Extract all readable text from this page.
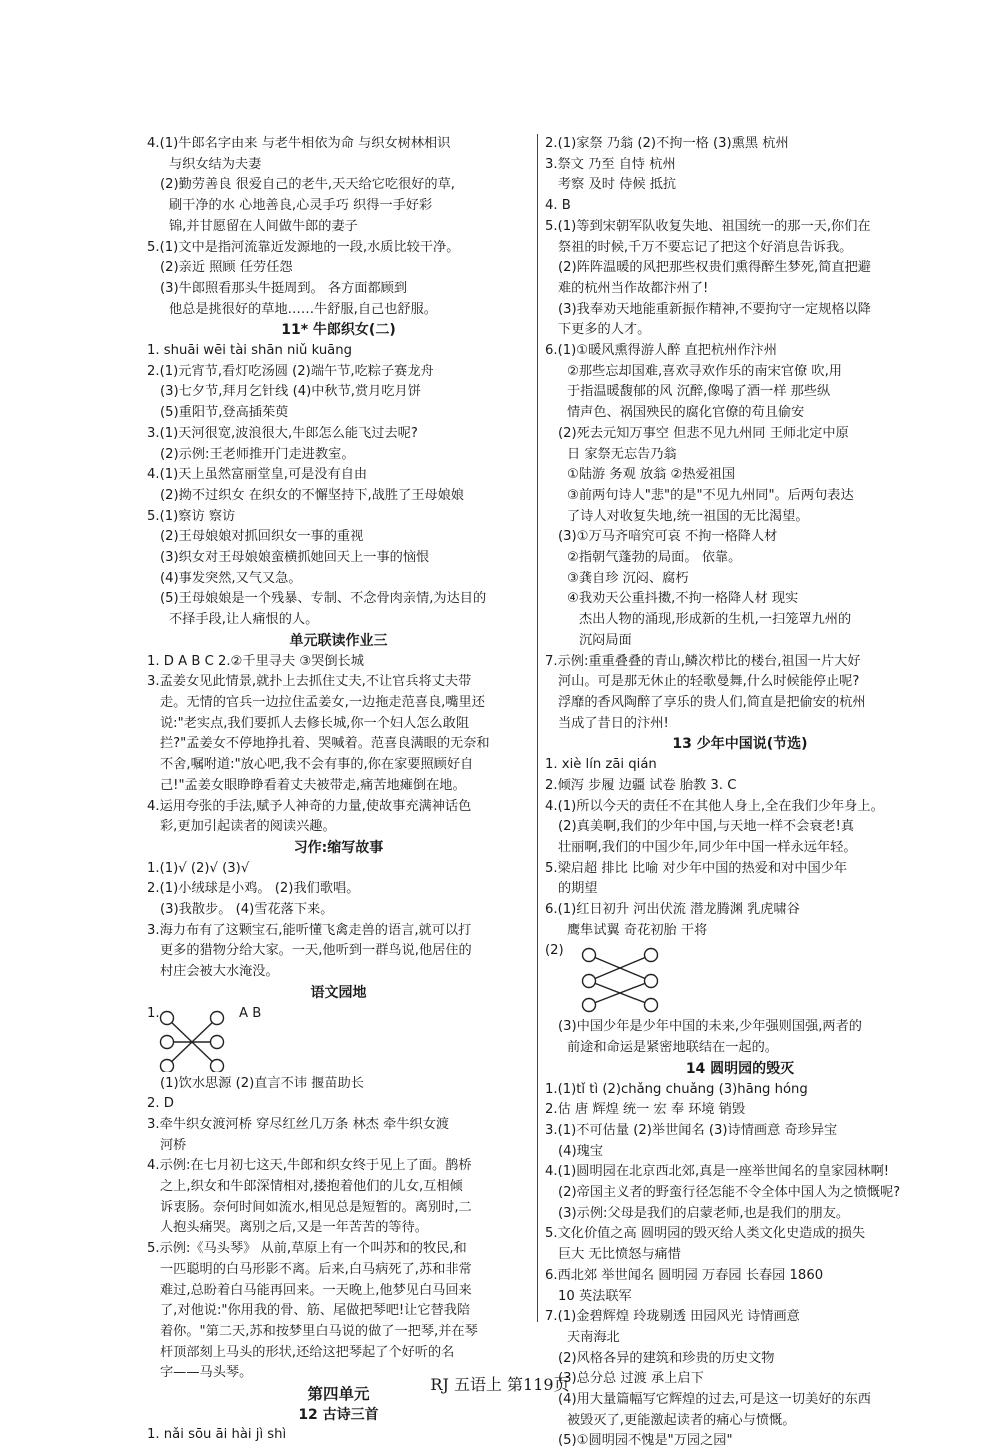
4.(1)牛郎名字由来 与老牛相依为命 与织女树林相识
与织女结为夫妻
(2)勤劳善良 很爱自己的老牛,天天给它吃很好的草,
刷干净的水 心地善良,心灵手巧 织得一手好彩
锦,并甘愿留在人间做牛郎的妻子
5.(1)文中是指河流靠近发源地的一段,水质比较干净。
(2)亲近 照顾 任劳任怨
(3)牛郎照看那头牛挺周到。 各方面都顾到
他总是挑很好的草地……牛舒服,自己也舒服。
11* 牛郎织女(二)
1. shuāi wēi tài shān niǔ kuāng
2.(1)元宵节,看灯吃汤圆 (2)端午节,吃粽子赛龙舟
(3)七夕节,拜月乞针线 (4)中秋节,赏月吃月饼
(5)重阳节,登高插茱萸
3.(1)天河很宽,波浪很大,牛郎怎么能飞过去呢?
(2)示例:王老师推开门走进教室。
4.(1)天上虽然富丽堂皇,可是没有自由
(2)拗不过织女 在织女的不懈坚持下,战胜了王母娘娘
5.(1)察访 察访
(2)王母娘娘对抓回织女一事的重视
(3)织女对王母娘娘蛮横抓她回天上一事的恼恨
(4)事发突然,又气又急。
(5)王母娘娘是一个残暴、专制、不念骨肉亲情,为达目的
不择手段,让人痛恨的人。
单元联读作业三
1. D A B C 2.②千里寻夫 ③哭倒长城
3.孟姜女见此情景,就扑上去抓住丈夫,不让官兵将丈夫带
走。无情的官兵一边拉住孟姜女,一边拖走范喜良,嘴里还
说:"老实点,我们要抓人去修长城,你一个妇人怎么敢阻
拦?"孟姜女不停地挣扎着、哭喊着。范喜良满眼的无奈和
不舍,嘱咐道:"放心吧,我不会有事的,你在家要照顾好自
己!"孟姜女眼睁睁看着丈夫被带走,痛苦地瘫倒在地。
4.运用夸张的手法,赋予人神奇的力量,使故事充满神话色
彩,更加引起读者的阅读兴趣。
习作:缩写故事
1.(1)√ (2)√ (3)√
2.(1)小绒球是小鸡。 (2)我们歌唱。
(3)我散步。 (4)雪花落下来。
3.海力布有了这颗宝石,能听懂飞禽走兽的语言,就可以打
更多的猎物分给大家。一天,他听到一群鸟说,他居住的
村庄会被大水淹没。
语文园地
1.	A B
(1)饮水思源 (2)直言不讳 揠苗助长
2. D
3.牵牛织女渡河桥 穿尽红丝几万条 林杰 牵牛织女渡
河桥
4.示例:在七月初七这天,牛郎和织女终于见上了面。鹊桥
之上,织女和牛郎深情相对,搂抱着他们的儿女,互相倾
诉衷肠。奈何时间如流水,相见总是短暂的。离别时,二
人抱头痛哭。离别之后,又是一年苦苦的等待。
5.示例:《马头琴》 从前,草原上有一个叫苏和的牧民,和
一匹聪明的白马形影不离。后来,白马病死了,苏和非常
难过,总盼着白马能再回来。一天晚上,他梦见白马回来
了,对他说:"你用我的骨、筋、尾做把琴吧!让它替我陪
着你。"第二天,苏和按梦里白马说的做了一把琴,并在琴
杆顶部刻上马头的形状,还给这把琴起了个好听的名
字——马头琴。
第四单元
12 古诗三首
1. nǎi sōu āi hài jì shì
2.(1)家祭 乃翁 (2)不拘一格 (3)熏黑 杭州
3.祭文 乃至 自恃 杭州
考察 及时 侍候 抵抗
4. B
5.(1)等到宋朝军队收复失地、祖国统一的那一天,你们在
祭祖的时候,千万不要忘记了把这个好消息告诉我。
(2)阵阵温暖的风把那些权贵们熏得醉生梦死,简直把避
难的杭州当作故都汴州了!
(3)我奉劝天地能重新振作精神,不要拘守一定规格以降
下更多的人才。
6.(1)①暖风熏得游人醉 直把杭州作汴州
②那些忘却国难,喜欢寻欢作乐的南宋官僚 吹,用
于指温暖馥郁的风 沉醉,像喝了酒一样 那些纵
情声色、祸国殃民的腐化官僚的苟且偷安
(2)死去元知万事空 但悲不见九州同 王师北定中原
日 家祭无忘告乃翁
①陆游 务观 放翁 ②热爱祖国
③前两句诗人"悲"的是"不见九州同"。后两句表达
了诗人对收复失地,统一祖国的无比渴望。
(3)①万马齐喑究可哀 不拘一格降人材
②指朝气蓬勃的局面。 依靠。
③龚自珍 沉闷、腐朽
④我劝天公重抖擞,不拘一格降人材 现实
杰出人物的涌现,形成新的生机,一扫笼罩九州的
沉闷局面
7.示例:重重叠叠的青山,鳞次栉比的楼台,祖国一片大好
河山。可是那无休止的轻歌曼舞,什么时候能停止呢?
浮靡的香风陶醉了享乐的贵人们,简直是把偷安的杭州
当成了昔日的汴州!
13 少年中国说(节选)
1. xiè lín zāi qián
2.倾泻 步履 边疆 试卷 胎教 3. C
4.(1)所以今天的责任不在其他人身上,全在我们少年身上。
(2)真美啊,我们的少年中国,与天地一样不会衰老!真
壮丽啊,我们的中国少年,同少年中国一样永远年轻。
5.梁启超 排比 比喻 对少年中国的热爱和对中国少年
的期望
6.(1)红日初升 河出伏流 潜龙腾渊 乳虎啸谷
鹰隼试翼 奇花初胎 干将
(2)
(3)中国少年是少年中国的未来,少年强则国强,两者的
前途和命运是紧密地联结在一起的。
14 圆明园的毁灭
1.(1)tǐ tì (2)chǎng chuǎng (3)hāng hóng
2.估 唐 辉煌 统一 宏 奉 环境 销毁
3.(1)不可估量 (2)举世闻名 (3)诗情画意 奇珍异宝
(4)瑰宝
4.(1)圆明园在北京西北郊,真是一座举世闻名的皇家园林啊!
(2)帝国主义者的野蛮行径怎能不令全体中国人为之愤慨呢?
(3)示例:父母是我们的启蒙老师,也是我们的朋友。
5.文化价值之高 圆明园的毁灭给人类文化史造成的损失
巨大 无比愤怒与痛惜
6.西北郊 举世闻名 圆明园 万春园 长春园 1860
10 英法联军
7.(1)金碧辉煌 玲珑剔透 田园风光 诗情画意
天南海北
(2)风格各异的建筑和珍贵的历史文物
(3)总分总 过渡 承上启下
(4)用大量篇幅写它辉煌的过去,可是这一切美好的东西
被毁灭了,更能激起读者的痛心与愤慨。
(5)①圆明园不愧是"万园之园"
RJ 五语上 第119页
